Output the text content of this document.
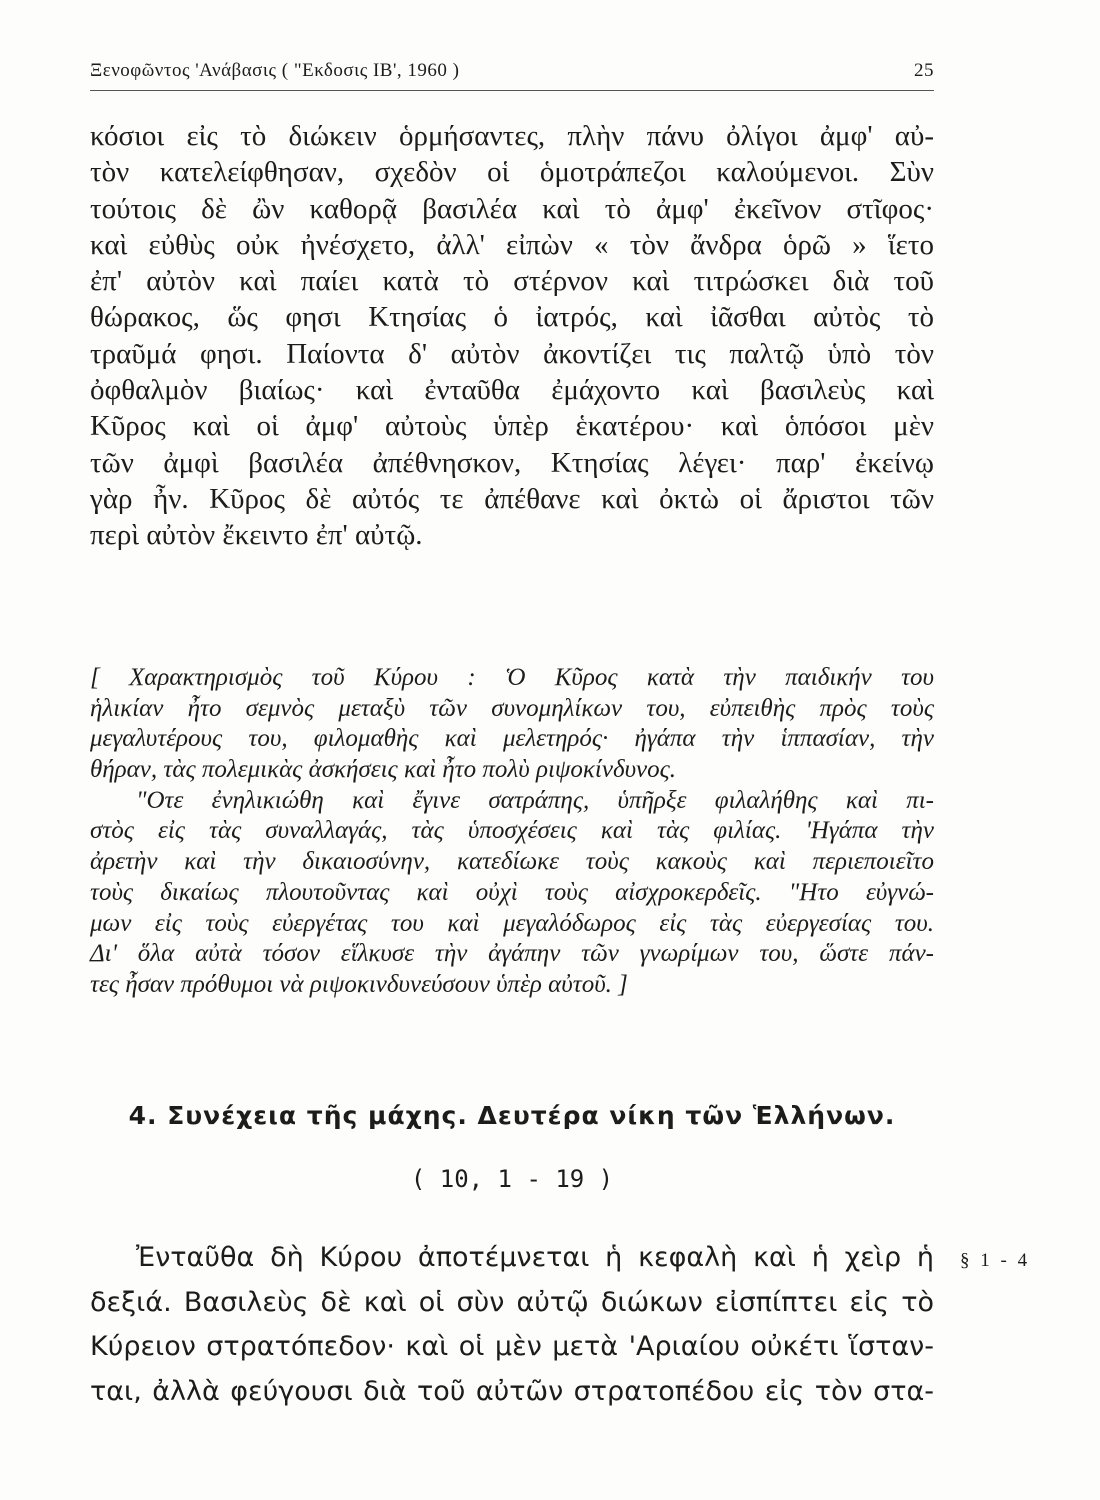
Ξενοφῶντος 'Ανάβασις ( "Εκδοσις ΙΒ', 1960 )	25
κόσιοι εἰς τὸ διώκειν ὁρμήσαντες, πλὴν πάνυ ὀλίγοι ἀμφ' αὐ-
τὸν κατελείφθησαν, σχεδὸν οἱ ὁμοτράπεζοι καλούμενοι. Σὺν
τούτοις δὲ ὢν καθορᾷ βασιλέα καὶ τὸ ἀμφ' ἐκεῖνον στῖφος·
καὶ εὐθὺς οὐκ ἠνέσχετο, ἀλλ' εἰπὼν « τὸν ἄνδρα ὁρῶ » ἵετο
ἐπ' αὐτὸν καὶ παίει κατὰ τὸ στέρνον καὶ τιτρώσκει διὰ τοῦ
θώρακος, ὥς φησι Κτησίας ὁ ἰατρός, καὶ ἰᾶσθαι αὐτὸς τὸ
τραῦμά φησι. Παίοντα δ' αὐτὸν ἀκοντίζει τις παλτῷ ὑπὸ τὸν
ὀφθαλμὸν βιαίως· καὶ ἐνταῦθα ἐμάχοντο καὶ βασιλεὺς καὶ
Κῦρος καὶ οἱ ἀμφ' αὐτοὺς ὑπὲρ ἑκατέρου· καὶ ὁπόσοι μὲν
τῶν ἀμφὶ βασιλέα ἀπέθνησκον, Κτησίας λέγει· παρ' ἐκείνῳ
γὰρ ἦν. Κῦρος δὲ αὐτός τε ἀπέθανε καὶ ὀκτὼ οἱ ἄριστοι τῶν
περὶ αὐτὸν ἔκειντο ἐπ' αὐτῷ.
[ Χαρακτηρισμὸς τοῦ Κύρου : Ὁ Κῦρος κατὰ τὴν παιδικήν του
ἡλικίαν ἦτο σεμνὸς μεταξὺ τῶν συνομηλίκων του, εὐπειθὴς πρὸς τοὺς
μεγαλυτέρους του, φιλομαθὴς καὶ μελετηρός· ἠγάπα τὴν ἱππασίαν, τὴν
θήραν, τὰς πολεμικὰς ἀσκήσεις καὶ ἦτο πολὺ ριψοκίνδυνος.
"Οτε ἐνηλικιώθη καὶ ἔγινε σατράπης, ὑπῆρξε φιλαλήθης καὶ πι-
στὸς εἰς τὰς συναλλαγάς, τὰς ὑποσχέσεις καὶ τὰς φιλίας. 'Ηγάπα τὴν
ἀρετὴν καὶ τὴν δικαιοσύνην, κατεδίωκε τοὺς κακοὺς καὶ περιεποιεῖτο
τοὺς δικαίως πλουτοῦντας καὶ οὐχὶ τοὺς αἰσχροκερδεῖς. "Ητο εὐγνώ-
μων εἰς τοὺς εὐεργέτας του καὶ μεγαλόδωρος εἰς τὰς εὐεργεσίας του.
Δι' ὅλα αὐτὰ τόσον εἵλκυσε τὴν ἀγάπην τῶν γνωρίμων του, ὥστε πάν-
τες ἦσαν πρόθυμοι νὰ ριψοκινδυνεύσουν ὑπὲρ αὐτοῦ. ]
4. Συνέχεια τῆς μάχης. Δευτέρα νίκη τῶν Ἑλλήνων.
( 10, 1 - 19 )
Ἐνταῦθα δὴ Κύρου ἀποτέμνεται ἡ κεφαλὴ καὶ ἡ χεὶρ ἡ
δεξιά. Βασιλεὺς δὲ καὶ οἱ σὺν αὐτῷ διώκων εἰσπίπτει εἰς τὸ
Κύρειον στρατόπεδον· καὶ οἱ μὲν μετὰ 'Αριαίου οὐκέτι ἵσταν-
ται, ἀλλὰ φεύγουσι διὰ τοῦ αὐτῶν στρατοπέδου εἰς τὸν στα-
§ 1 - 4
